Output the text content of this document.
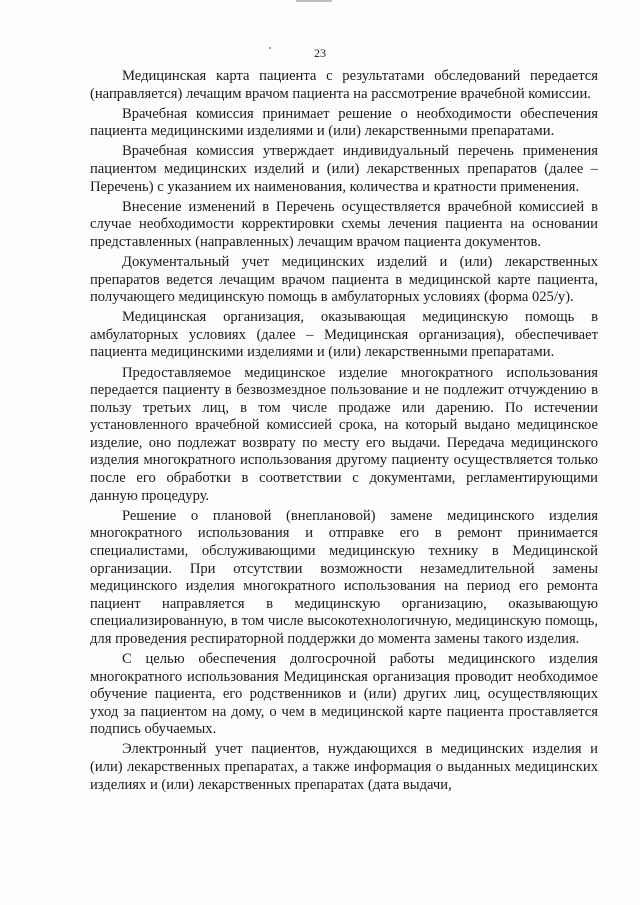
23

Медицинская карта пациента с результатами обследований передается (направляется) лечащим врачом пациента на рассмотрение врачебной комиссии.

Врачебная комиссия принимает решение о необходимости обеспечения пациента медицинскими изделиями и (или) лекарственными препаратами.

Врачебная комиссия утверждает индивидуальный перечень применения пациентом медицинских изделий и (или) лекарственных препаратов (далее – Перечень) с указанием их наименования, количества и кратности применения.

Внесение изменений в Перечень осуществляется врачебной комиссией в случае необходимости корректировки схемы лечения пациента на основании представленных (направленных) лечащим врачом пациента документов.

Документальный учет медицинских изделий и (или) лекарственных препаратов ведется лечащим врачом пациента в медицинской карте пациента, получающего медицинскую помощь в амбулаторных условиях (форма 025/у).

Медицинская организация, оказывающая медицинскую помощь в амбулаторных условиях (далее – Медицинская организация), обеспечивает пациента медицинскими изделиями и (или) лекарственными препаратами.

Предоставляемое медицинское изделие многократного использования передается пациенту в безвозмездное пользование и не подлежит отчуждению в пользу третьих лиц, в том числе продаже или дарению. По истечении установленного врачебной комиссией срока, на который выдано медицинское изделие, оно подлежат возврату по месту его выдачи. Передача медицинского изделия многократного использования другому пациенту осуществляется только после его обработки в соответствии с документами, регламентирующими данную процедуру.

Решение о плановой (внеплановой) замене медицинского изделия многократного использования и отправке его в ремонт принимается специалистами, обслуживающими медицинскую технику в Медицинской организации. При отсутствии возможности незамедлительной замены медицинского изделия многократного использования на период его ремонта пациент направляется в медицинскую организацию, оказывающую специализированную, в том числе высокотехнологичную, медицинскую помощь, для проведения респираторной поддержки до момента замены такого изделия.

С целью обеспечения долгосрочной работы медицинского изделия многократного использования Медицинская организация проводит необходимое обучение пациента, его родственников и (или) других лиц, осуществляющих уход за пациентом на дому, о чем в медицинской карте пациента проставляется подпись обучаемых.

Электронный учет пациентов, нуждающихся в медицинских изделия и (или) лекарственных препаратах, а также информация о выданных медицинских изделиях и (или) лекарственных препаратах (дата выдачи,
